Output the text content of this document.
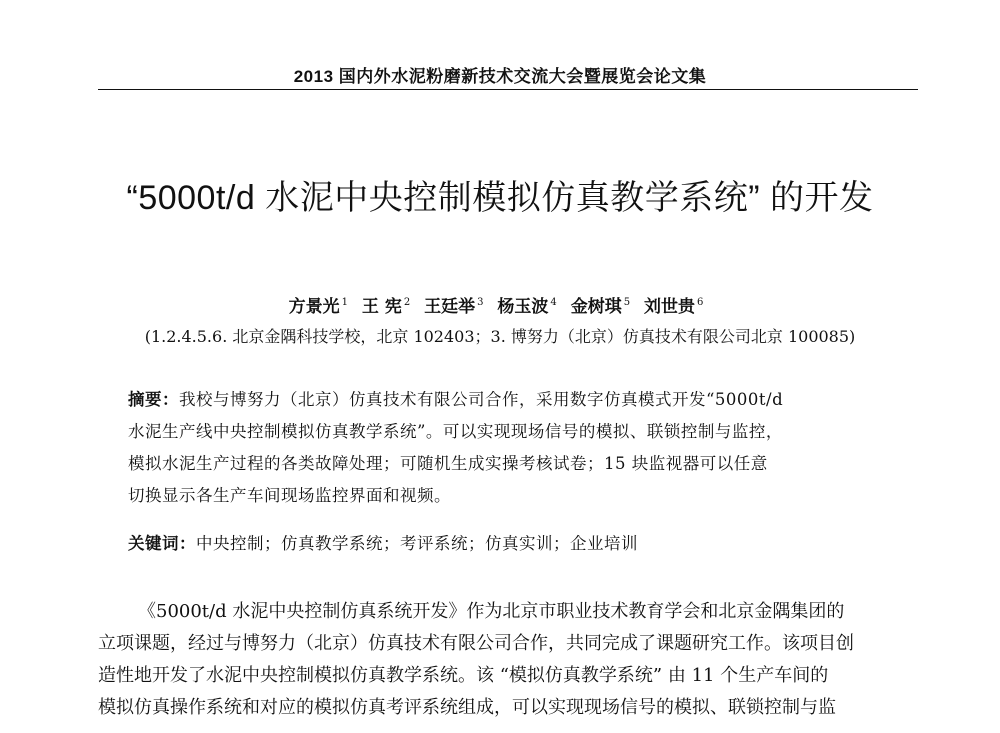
2013 国内外水泥粉磨新技术交流大会暨展览会论文集
“5000t/d 水泥中央控制模拟仿真教学系统” 的开发
方景光 $^1$ 王 宪 $^2$ 王廷举 $^3$ 杨玉波 $^4$ 金树琪 $^5$ 刘世贵 $^6$
(1.2.4.5.6. 北京金隅科技学校，北京 102403；3. 博努力（北京）仿真技术有限公司北京 100085)
摘要：我校与博努力（北京）仿真技术有限公司合作，采用数字仿真模式开发“5000t/d
水泥生产线中央控制模拟仿真教学系统”。可以实现现场信号的模拟、联锁控制与监控，
模拟水泥生产过程的各类故障处理；可随机生成实操考核试卷；15 块监视器可以任意
切换显示各生产车间现场监控界面和视频。
关键词：中央控制；仿真教学系统；考评系统；仿真实训；企业培训
《5000t/d 水泥中央控制仿真系统开发》作为北京市职业技术教育学会和北京金隅集团的
立项课题，经过与博努力（北京）仿真技术有限公司合作，共同完成了课题研究工作。该项目创
造性地开发了水泥中央控制模拟仿真教学系统。该 “模拟仿真教学系统” 由 11 个生产车间的
模拟仿真操作系统和对应的模拟仿真考评系统组成，可以实现现场信号的模拟、联锁控制与监
